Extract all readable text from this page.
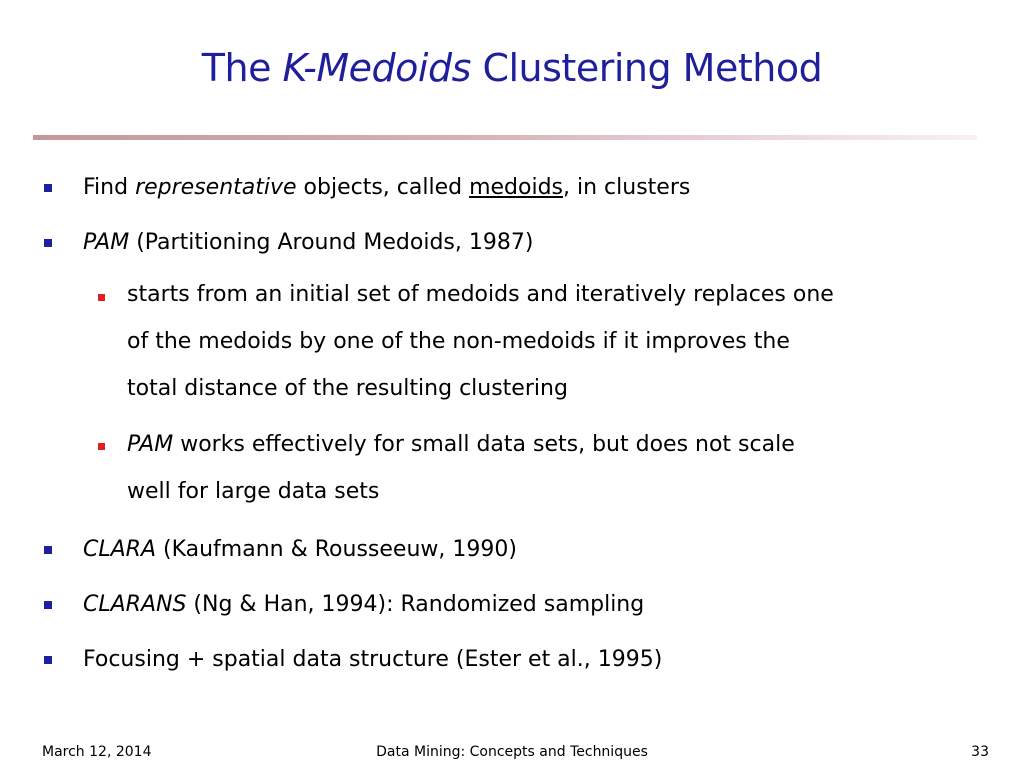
The K-Medoids Clustering Method
Find representative objects, called medoids, in clusters
PAM (Partitioning Around Medoids, 1987)
starts from an initial set of medoids and iteratively replaces one
of the medoids by one of the non-medoids if it improves the
total distance of the resulting clustering
PAM works effectively for small data sets, but does not scale
well for large data sets
CLARA (Kaufmann & Rousseeuw, 1990)
CLARANS (Ng & Han, 1994): Randomized sampling
Focusing + spatial data structure (Ester et al., 1995)
March 12, 2014	Data Mining: Concepts and Techniques	33
